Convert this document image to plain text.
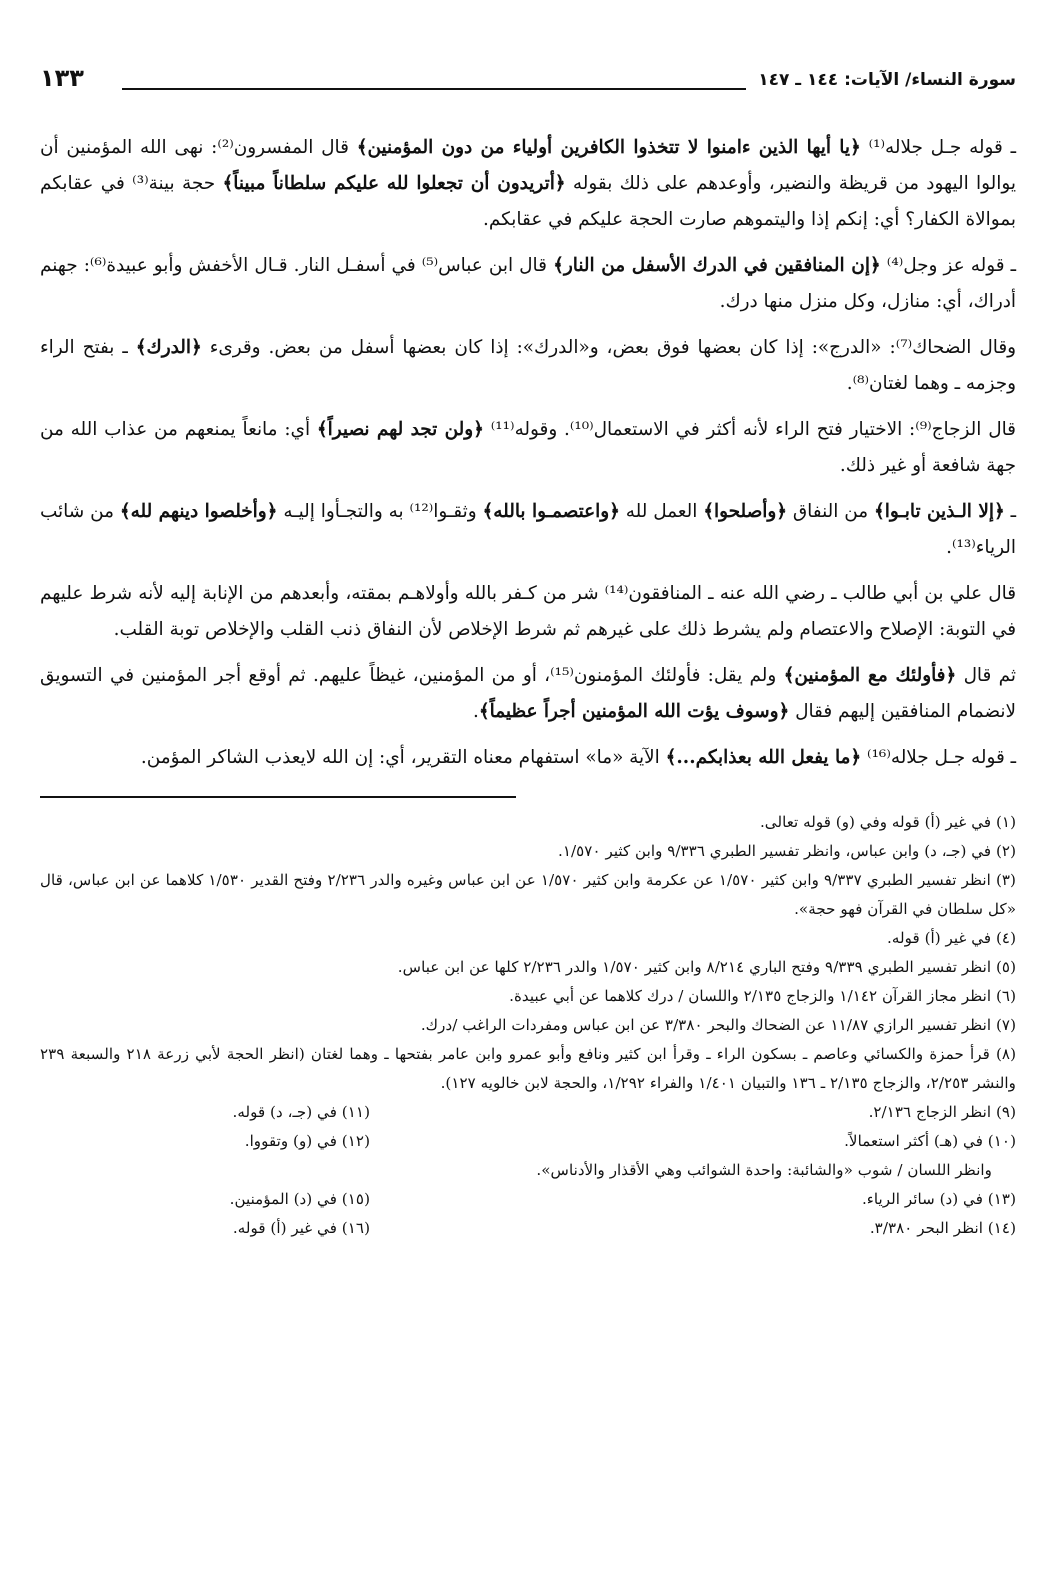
سورة النساء/ الآيات: ١٤٤ ـ ١٤٧
١٣٣

ـ قوله جـل جلاله⁽¹⁾ ﴿يا أيها الذين ءامنوا لا تتخذوا الكافرين أولياء من دون المؤمنين﴾ قال المفسرون⁽²⁾: نهى الله المؤمنين أن يوالوا اليهود من قريظة والنضير، وأوعدهم على ذلك بقوله ﴿أتريدون أن تجعلوا لله عليكم سلطاناً مبيناً﴾ حجة بينة⁽³⁾ في عقابكم بموالاة الكفار؟ أي: إنكم إذا واليتموهم صارت الحجة عليكم في عقابكم.

ـ قوله عز وجل⁽⁴⁾ ﴿إن المنافقين في الدرك الأسفل من النار﴾ قال ابن عباس⁽⁵⁾ في أسفـل النار. قـال الأخفش وأبو عبيدة⁽⁶⁾: جهنم أدراك، أي: منازل، وكل منزل منها درك.

وقال الضحاك⁽⁷⁾: «الدرج»: إذا كان بعضها فوق بعض، و«الدرك»: إذا كان بعضها أسفل من بعض. وقرىء ﴿الدرك﴾ ـ بفتح الراء وجزمه ـ وهما لغتان⁽⁸⁾.

قال الزجاج⁽⁹⁾: الاختيار فتح الراء لأنه أكثر في الاستعمال⁽¹⁰⁾. وقوله⁽¹¹⁾ ﴿ولن تجد لهم نصيراً﴾ أي: مانعاً يمنعهم من عذاب الله من جهة شافعة أو غير ذلك.

ـ ﴿إلا الـذين تابـوا﴾ من النفاق ﴿وأصلحوا﴾ العمل لله ﴿واعتصمـوا بالله﴾ وثقـوا⁽¹²⁾ به والتجـأوا إليـه ﴿وأخلصوا دينهم لله﴾ من شائب الرياء⁽¹³⁾.

قال علي بن أبي طالب ـ رضي الله عنه ـ المنافقون⁽¹⁴⁾ شر من كـفر بالله وأولاهـم بمقته، وأبعدهم من الإنابة إليه لأنه شرط عليهم في التوبة: الإصلاح والاعتصام ولم يشرط ذلك على غيرهم ثم شرط الإخلاص لأن النفاق ذنب القلب والإخلاص توبة القلب.

ثم قال ﴿فأولئك مع المؤمنين﴾ ولم يقل: فأولئك المؤمنون⁽¹⁵⁾، أو من المؤمنين، غيظاً عليهم. ثم أوقع أجر المؤمنين في التسويق لانضمام المنافقين إليهم فقال ﴿وسوف يؤت الله المؤمنين أجراً عظيماً﴾.

ـ قوله جـل جلاله⁽¹⁶⁾ ﴿ما يفعل الله بعذابكم...﴾ الآية «ما» استفهام معناه التقرير، أي: إن الله لايعذب الشاكر المؤمن.

(١) في غير (أ) قوله وفي (و) قوله تعالى.

(٢) في (جـ، د) وابن عباس، وانظر تفسير الطبري ٩/٣٣٦ وابن كثير ١/٥٧٠.

(٣) انظر تفسير الطبري ٩/٣٣٧ وابن كثير ١/٥٧٠ عن عكرمة وابن كثير ١/٥٧٠ عن ابن عباس وغيره والدر ٢/٢٣٦ وفتح القدير ١/٥٣٠ كلاهما عن ابن عباس، قال «كل سلطان في القرآن فهو حجة».

(٤) في غير (أ) قوله.

(٥) انظر تفسير الطبري ٩/٣٣٩ وفتح الباري ٨/٢١٤ وابن كثير ١/٥٧٠ والدر ٢/٢٣٦ كلها عن ابن عباس.

(٦) انظر مجاز القرآن ١/١٤٢ والزجاج ٢/١٣٥ واللسان / درك كلاهما عن أبي عبيدة.

(٧) انظر تفسير الرازي ١١/٨٧ عن الضحاك والبحر ٣/٣٨٠ عن ابن عباس ومفردات الراغب /درك.

(٨) قرأ حمزة والكسائي وعاصم ـ بسكون الراء ـ وقرأ ابن كثير ونافع وأبو عمرو وابن عامر بفتحها ـ وهما لغتان (انظر الحجة لأبي زرعة ٢١٨ والسبعة ٢٣٩ والنشر ٢/٢٥٣، والزجاج ٢/١٣٥ ـ ١٣٦ والتبيان ١/٤٠١ والفراء ١/٢٩٢، والحجة لابن خالويه ١٢٧).

(٩) انظر الزجاج ٢/١٣٦.

(١٠) في (هـ) أكثر استعمالاً.

وانظر اللسان / شوب «والشائبة: واحدة الشوائب وهي الأقذار والأدناس».

(١٣) في (د) سائر الرياء.

(١٤) انظر البحر ٣/٣٨٠.

(١١) في (جـ، د) قوله.

(١٢) في (و) وتقووا.

(١٥) في (د) المؤمنين.

(١٦) في غير (أ) قوله.
